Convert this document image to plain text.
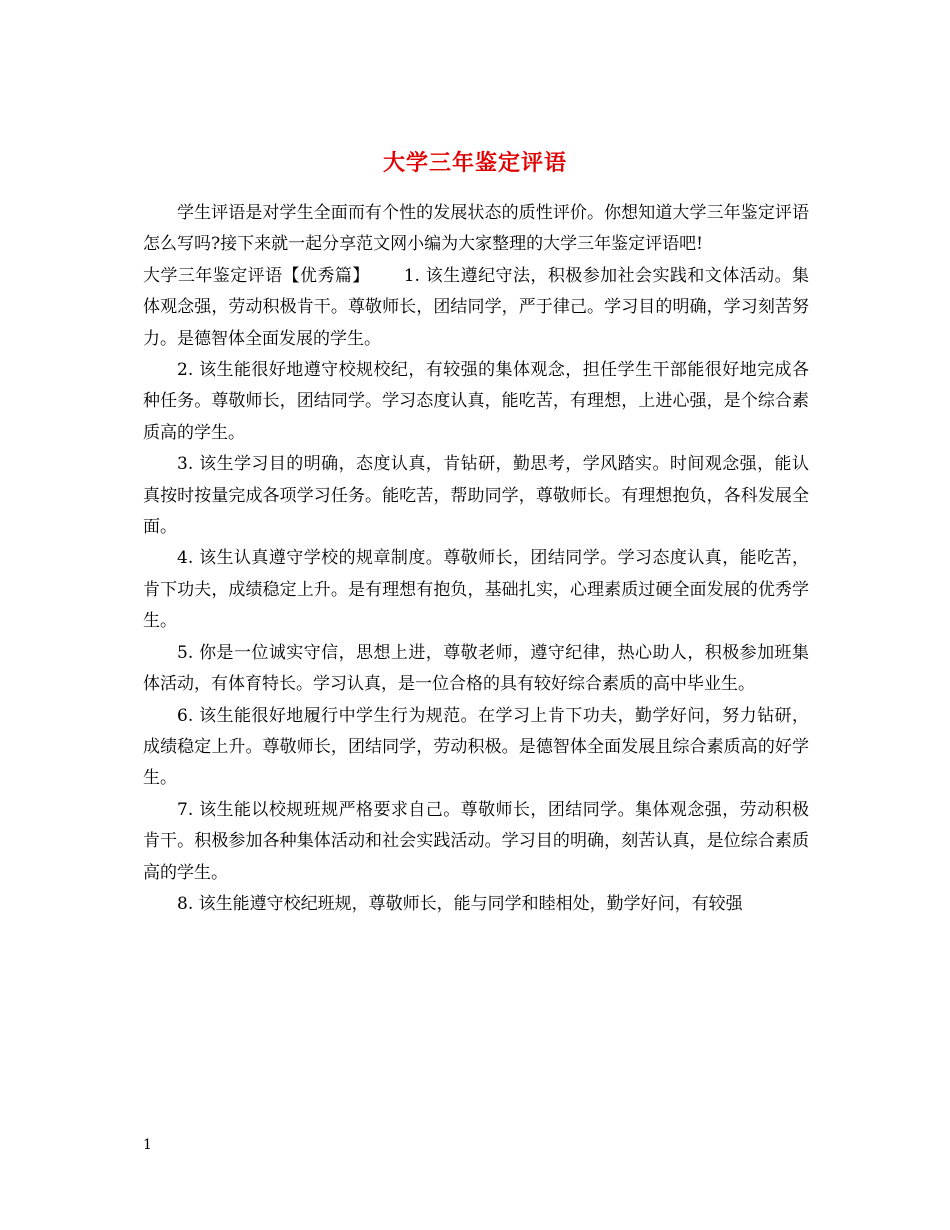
大学三年鉴定评语

学生评语是对学生全面而有个性的发展状态的质性评价。你想知道大学三年鉴定评语怎么写吗?接下来就一起分享范文网小编为大家整理的大学三年鉴定评语吧!

大学三年鉴定评语【优秀篇】 1. 该生遵纪守法，积极参加社会实践和文体活动。集体观念强，劳动积极肯干。尊敬师长，团结同学，严于律己。学习目的明确，学习刻苦努力。是德智体全面发展的学生。

2. 该生能很好地遵守校规校纪，有较强的集体观念，担任学生干部能很好地完成各种任务。尊敬师长，团结同学。学习态度认真，能吃苦，有理想，上进心强，是个综合素质高的学生。

3. 该生学习目的明确，态度认真，肯钻研，勤思考，学风踏实。时间观念强，能认真按时按量完成各项学习任务。能吃苦，帮助同学，尊敬师长。有理想抱负，各科发展全面。

4. 该生认真遵守学校的规章制度。尊敬师长，团结同学。学习态度认真，能吃苦，肯下功夫，成绩稳定上升。是有理想有抱负，基础扎实，心理素质过硬全面发展的优秀学生。

5. 你是一位诚实守信，思想上进，尊敬老师，遵守纪律，热心助人，积极参加班集体活动，有体育特长。学习认真，是一位合格的具有较好综合素质的高中毕业生。

6. 该生能很好地履行中学生行为规范。在学习上肯下功夫，勤学好问，努力钻研，成绩稳定上升。尊敬师长，团结同学，劳动积极。是德智体全面发展且综合素质高的好学生。

7. 该生能以校规班规严格要求自己。尊敬师长，团结同学。集体观念强，劳动积极肯干。积极参加各种集体活动和社会实践活动。学习目的明确，刻苦认真，是位综合素质高的学生。

8. 该生能遵守校纪班规，尊敬师长，能与同学和睦相处，勤学好问，有较强

1
